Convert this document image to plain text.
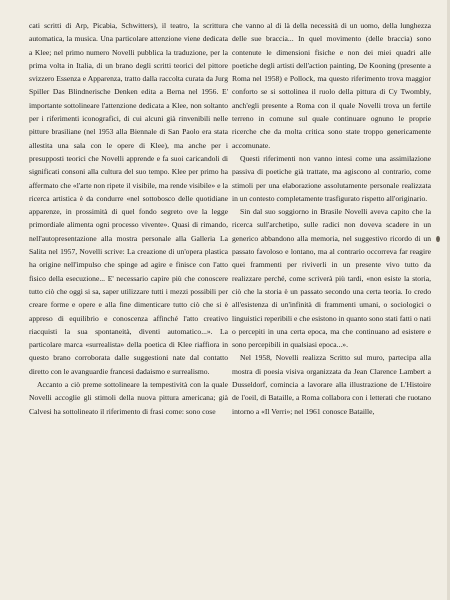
cati scritti di Arp, Picabia, Schwitters), il teatro, la scrittura automatica, la musica. Una particolare attenzione viene dedicata a Klee; nel primo numero Novelli pubblica la traduzione, per la prima volta in Italia, di un brano degli scritti teorici del pittore svizzero Essenza e Apparenza, tratto dalla raccolta curata da Jurg Spiller Das Blindnerische Denken edita a Berna nel 1956. E' importante sottolineare l'attenzione dedicata a Klee, non soltanto per i riferimenti iconografici, di cui alcuni già rinvenibili nelle pitture brasiliane (nel 1953 alla Biennale di San Paolo era stata allestita una sala con le opere di Klee), ma anche per i presupposti teorici che Novelli apprende e fa suoi caricandoli di significati consoni alla cultura del suo tempo. Klee per primo ha affermato che «l'arte non ripete il visibile, ma rende visibile» e la ricerca artistica è da condurre «nel sottobosco delle quotidiane apparenze, in prossimità di quel fondo segreto ove la legge primordiale alimenta ogni processo vivente». Quasi di rimando, nell'autopresentazione alla mostra personale alla Galleria La Salita nel 1957, Novelli scrive: La creazione di un'opera plastica ha origine nell'impulso che spinge ad agire e finisce con l'atto fisico della esecuzione... E' necessario capire più che conoscere tutto ciò che oggi si sa, saper utilizzare tutti i mezzi possibili per creare forme e opere e alla fine dimenticare tutto ciò che si è appreso di equilibrio e conoscenza affinché l'atto creativo riacquisti la sua spontaneità, diventi automatico...». La particolare marca «surrealista» della poetica di Klee riaffiora in questo brano corroborata dalle suggestioni nate dal contatto diretto con le avanguardie francesi dadaismo e surrealismo.

Accanto a ciò preme sottolineare la tempestività con la quale Novelli accoglie gli stimoli della nuova pittura americana; già Calvesi ha sottolineato il riferimento di frasi come: sono cose

che vanno al di là della necessità di un uomo, della lunghezza delle sue braccia... In quel movimento (delle braccia) sono contenute le dimensioni fisiche e non dei miei quadri alle poetiche degli artisti dell'action painting, De Kooning (presente a Roma nel 1958) e Pollock, ma questo riferimento trova maggior conforto se si sottolinea il ruolo della pittura di Cy Twombly, anch'egli presente a Roma con il quale Novelli trova un fertile terreno in comune sul quale continuare ognuno le proprie ricerche che da molta critica sono state troppo genericamente accomunate.

Questi riferimenti non vanno intesi come una assimilazione passiva di poetiche già trattate, ma agiscono al contrario, come stimoli per una elaborazione assolutamente personale realizzata in un contesto completamente trasfigurato rispetto all'originario.

Sin dal suo soggiorno in Brasile Novelli aveva capito che la ricerca sull'archetipo, sulle radici non doveva scadere in un generico abbandono alla memoria, nel suggestivo ricordo di un passato favoloso e lontano, ma al contrario occorreva far reagire quei frammenti per riviverli in un presente vivo tutto da realizzare perché, come scriverà più tardi, «non esiste la storia, ciò che la storia è un passato secondo una certa teoria. Io credo all'esistenza di un'infinità di frammenti umani, o sociologici o linguistici reperibili e che esistono in quanto sono stati fatti o nati o percepiti in una certa epoca, ma che continuano ad esistere e sono percepibili in qualsiasi epoca...».

Nel 1958, Novelli realizza Scritto sul muro, partecipa alla mostra di poesia visiva organizzata da Jean Clarence Lambert a Dusseldorf, comincia a lavorare alla illustrazione de L'Histoire de l'oeil, di Bataille, a Roma collabora con i letterati che ruotano intorno a «Il Verri»; nel 1961 conosce Bataille,
